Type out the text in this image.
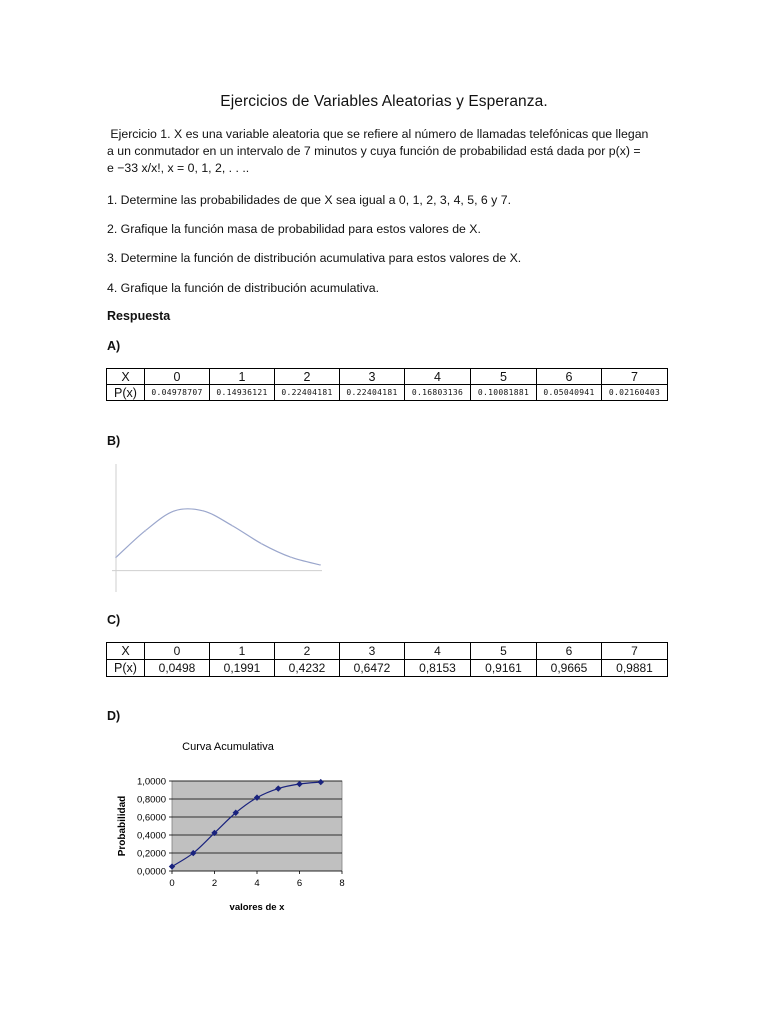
Ejercicios de Variables Aleatorias y Esperanza.
Ejercicio 1. X es una variable aleatoria que se refiere al número de llamadas telefónicas que llegan
a un conmutador en un intervalo de 7 minutos y cuya función de probabilidad está dada por p(x) =
e −33 x/x!, x = 0, 1, 2, . . ..
1. Determine las probabilidades de que X sea igual a 0, 1, 2, 3, 4, 5, 6 y 7.
2. Grafique la función masa de probabilidad para estos valores de X.
3. Determine la función de distribución acumulativa para estos valores de X.
4. Grafique la función de distribución acumulativa.
Respuesta
A)
X	0	1	2	3	4	5	6	7
P(x)	0.04978707	0.14936121	0.22404181	0.22404181	0.16803136	0.10081881	0.05040941	0.02160403
B)
C)
X	0	1	2	3	4	5	6	7
P(x)	0,0498	0,1991	0,4232	0,6472	0,8153	0,9161	0,9665	0,9881
D)
Curva Acumulativa
0,0000
0,2000
0,4000
0,6000
0,8000
1,0000
0	2	4	6	8
valores de x
Probabilidad
